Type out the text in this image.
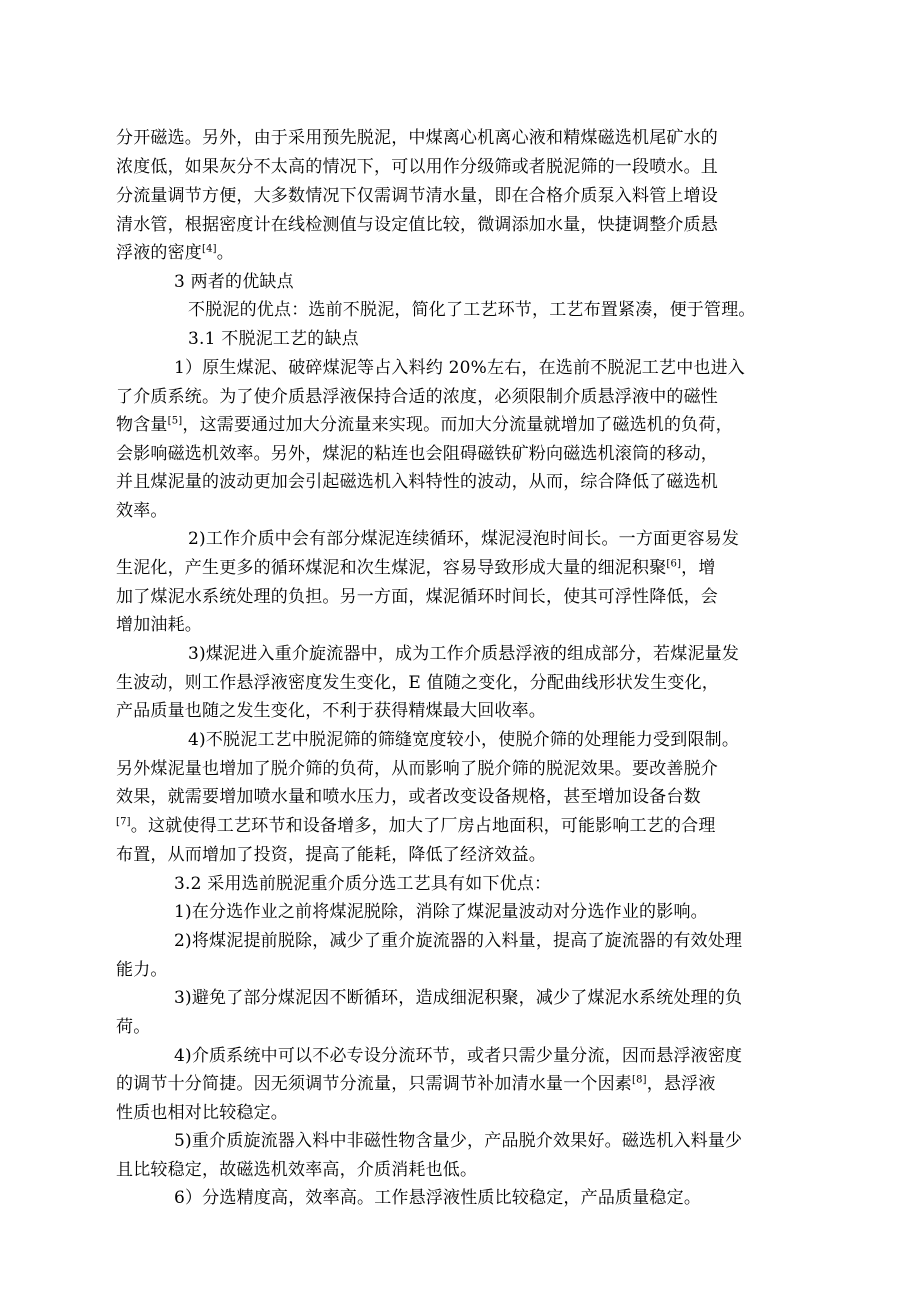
分开磁选。另外，由于采用预先脱泥，中煤离心机离心液和精煤磁选机尾矿水的
浓度低，如果灰分不太高的情况下，可以用作分级筛或者脱泥筛的一段喷水。且
分流量调节方便，大多数情况下仅需调节清水量，即在合格介质泵入料管上增设
清水管，根据密度计在线检测值与设定值比较，微调添加水量，快捷调整介质悬
浮液的密度[4]。
3 两者的优缺点
不脱泥的优点：选前不脱泥，简化了工艺环节，工艺布置紧凑，便于管理。
3.1 不脱泥工艺的缺点
1）原生煤泥、破碎煤泥等占入料约 20%左右，在选前不脱泥工艺中也进入
了介质系统。为了使介质悬浮液保持合适的浓度，必须限制介质悬浮液中的磁性
物含量[5]，这需要通过加大分流量来实现。而加大分流量就增加了磁选机的负荷，
会影响磁选机效率。另外，煤泥的粘连也会阻碍磁铁矿粉向磁选机滚筒的移动，
并且煤泥量的波动更加会引起磁选机入料特性的波动，从而，综合降低了磁选机
效率。
2)工作介质中会有部分煤泥连续循环，煤泥浸泡时间长。一方面更容易发
生泥化，产生更多的循环煤泥和次生煤泥，容易导致形成大量的细泥积聚[6]，增
加了煤泥水系统处理的负担。另一方面，煤泥循环时间长，使其可浮性降低，会
增加油耗。
3)煤泥进入重介旋流器中，成为工作介质悬浮液的组成部分，若煤泥量发
生波动，则工作悬浮液密度发生变化，E 值随之变化，分配曲线形状发生变化，
产品质量也随之发生变化，不利于获得精煤最大回收率。
4)不脱泥工艺中脱泥筛的筛缝宽度较小，使脱介筛的处理能力受到限制。
另外煤泥量也增加了脱介筛的负荷，从而影响了脱介筛的脱泥效果。要改善脱介
效果，就需要增加喷水量和喷水压力，或者改变设备规格，甚至增加设备台数
[7]。这就使得工艺环节和设备增多，加大了厂房占地面积，可能影响工艺的合理
布置，从而增加了投资，提高了能耗，降低了经济效益。
3.2 采用选前脱泥重介质分选工艺具有如下优点：
1)在分选作业之前将煤泥脱除，消除了煤泥量波动对分选作业的影响。
2)将煤泥提前脱除，减少了重介旋流器的入料量，提高了旋流器的有效处理
能力。
3)避免了部分煤泥因不断循环，造成细泥积聚，减少了煤泥水系统处理的负
荷。
4)介质系统中可以不必专设分流环节，或者只需少量分流，因而悬浮液密度
的调节十分简捷。因无须调节分流量，只需调节补加清水量一个因素[8]，悬浮液
性质也相对比较稳定。
5)重介质旋流器入料中非磁性物含量少，产品脱介效果好。磁选机入料量少
且比较稳定，故磁选机效率高，介质消耗也低。
6）分选精度高，效率高。工作悬浮液性质比较稳定，产品质量稳定。
